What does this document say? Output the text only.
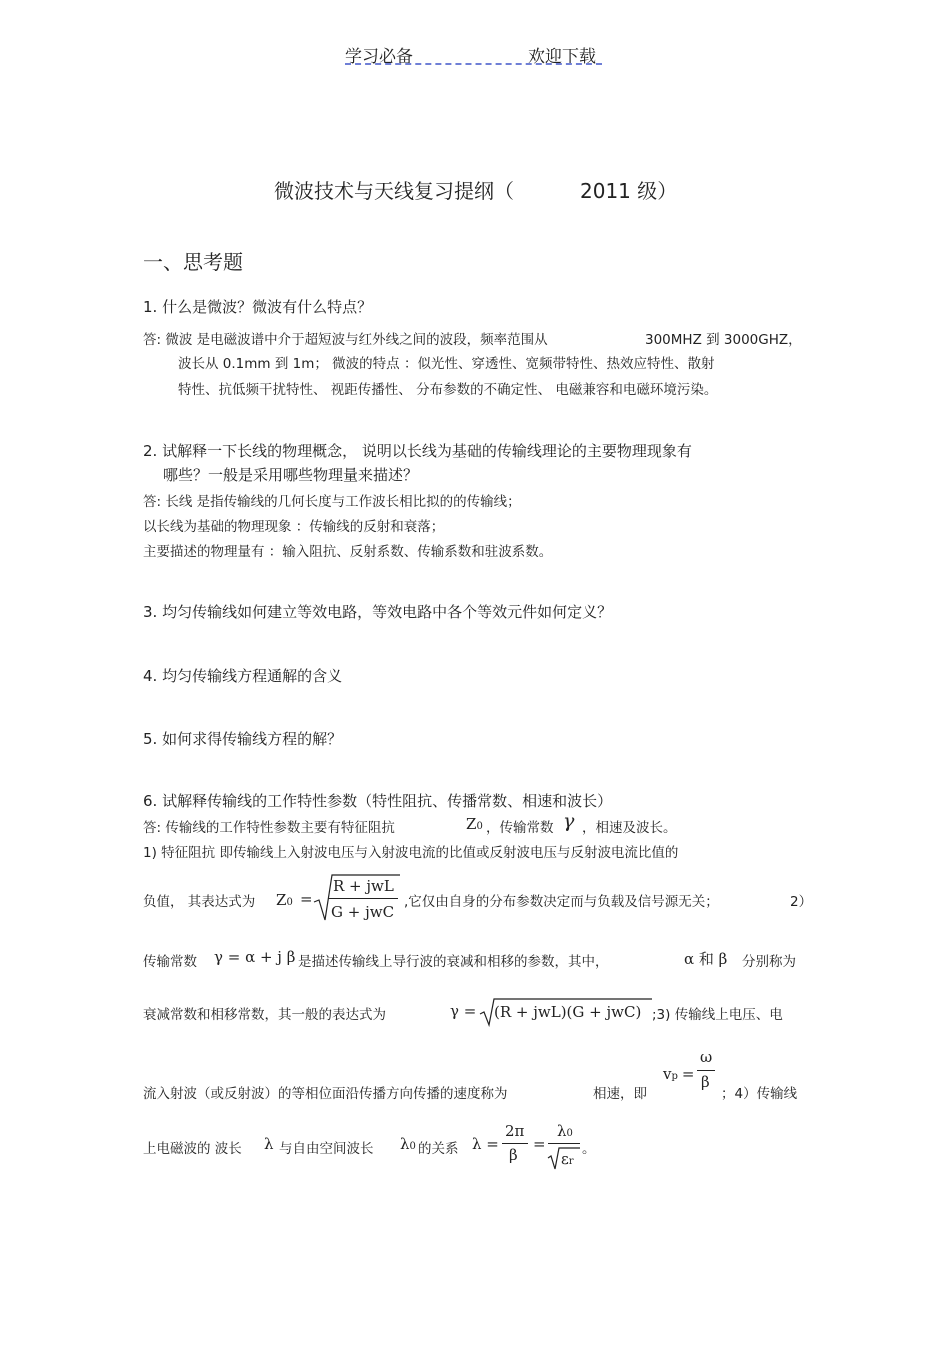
学习必备	欢迎下载
微波技术与天线复习提纲（	2011 级）
一、思考题
1. 什么是微波？微波有什么特点？
答: 微波 是电磁波谱中介于超短波与红外线之间的波段，频率范围从	300MHZ 到 3000GHZ，
波长从 0.1mm 到 1m； 微波的特点 ：似光性、穿透性、宽频带特性、热效应特性、散射
特性、抗低频干扰特性、 视距传播性、 分布参数的不确定性、 电磁兼容和电磁环境污染。
2. 试解释一下长线的物理概念， 说明以长线为基础的传输线理论的主要物理现象有
哪些？一般是采用哪些物理量来描述？
答: 长线 是指传输线的几何长度与工作波长相比拟的的传输线；
以长线为基础的物理现象 ：传输线的反射和衰落；
主要描述的物理量有 ：输入阻抗、反射系数、传输系数和驻波系数。
3. 均匀传输线如何建立等效电路，等效电路中各个等效元件如何定义？
4. 均匀传输线方程通解的含义
5. 如何求得传输线方程的解？
6. 试解释传输线的工作特性参数（特性阻抗、传播常数、相速和波长）
答: 传输线的工作特性参数主要有特征阻抗	Z0 ，传输常数 γ ，相速及波长。
1) 特征阻抗 即传输线上入射波电压与入射波电流的比值或反射波电压与反射波电流比值的
负值， 其表达式为 Z0 =
R + jwL
G + jwC
,它仅由自身的分布参数决定而与负载及信号源无关；	2）
传输常数 γ = α + j β 是描述传输线上导行波的衰减和相移的参数，其中，	α 和 β 分别称为
衰减常数和相移常数，其一般的表达式为	γ = (R + jwL)(G + jwC) ;3) 传输线上电压、电
vp =
ω
β
流入射波（或反射波）的等相位面沿传播方向传播的速度称为	相速，即	；4）传输线
上电磁波的 波长 λ 与自由空间波长 λ0 的关系 λ =
2π
β
=
λ0
εr
。
